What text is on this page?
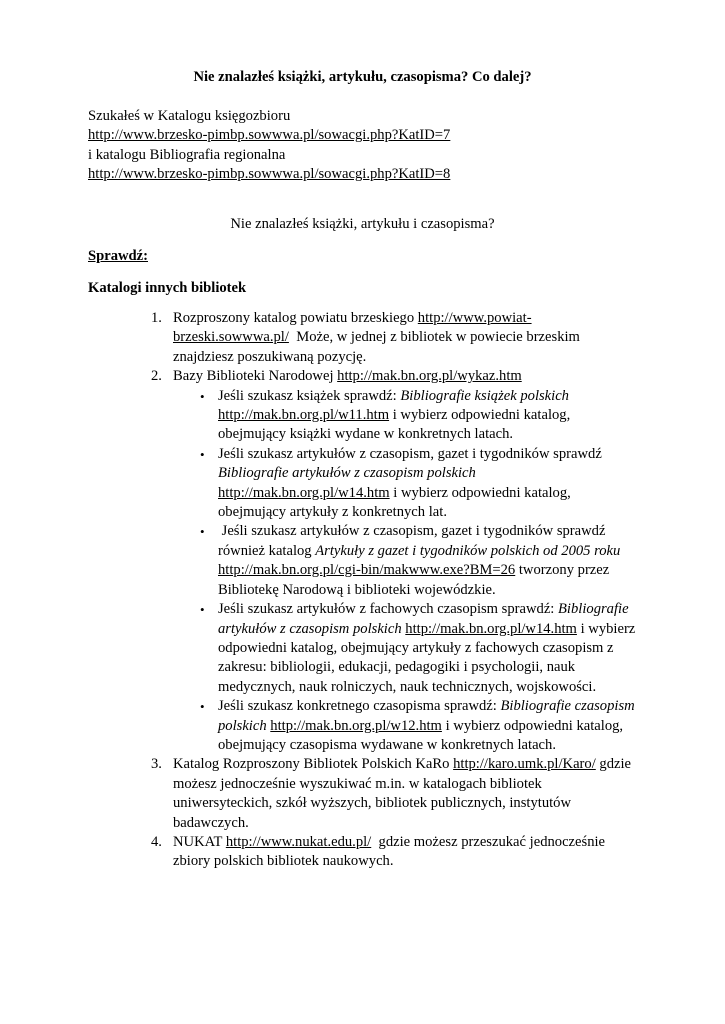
Nie znalazłeś książki, artykułu, czasopisma? Co dalej?
Szukałeś w Katalogu księgozbioru
http://www.brzesko-pimbp.sowwwa.pl/sowacgi.php?KatID=7
i katalogu Bibliografia regionalna
http://www.brzesko-pimbp.sowwwa.pl/sowacgi.php?KatID=8
Nie znalazłeś książki, artykułu i czasopisma?
Sprawdź:
Katalogi innych bibliotek
1. Rozproszony katalog powiatu brzeskiego http://www.powiat-
brzeski.sowwwa.pl/  Może, w jednej z bibliotek w powiecie brzeskim
znajdziesz poszukiwaną pozycję.
2. Bazy Biblioteki Narodowej http://mak.bn.org.pl/wykaz.htm
• Jeśli szukasz książek sprawdź: Bibliografie książek polskich
http://mak.bn.org.pl/w11.htm i wybierz odpowiedni katalog,
obejmujący książki wydane w konkretnych latach.
• Jeśli szukasz artykułów z czasopism, gazet i tygodników sprawdź
Bibliografie artykułów z czasopism polskich
http://mak.bn.org.pl/w14.htm i wybierz odpowiedni katalog,
obejmujący artykuły z konkretnych lat.
• Jeśli szukasz artykułów z czasopism, gazet i tygodników sprawdź
również katalog Artykuły z gazet i tygodników polskich od 2005 roku
http://mak.bn.org.pl/cgi-bin/makwww.exe?BM=26 tworzony przez
Bibliotekę Narodową i biblioteki wojewódzkie.
• Jeśli szukasz artykułów z fachowych czasopism sprawdź: Bibliografie
artykułów z czasopism polskich http://mak.bn.org.pl/w14.htm i wybierz
odpowiedni katalog, obejmujący artykuły z fachowych czasopism z
zakresu: bibliologii, edukacji, pedagogiki i psychologii, nauk
medycznych, nauk rolniczych, nauk technicznych, wojskowości.
• Jeśli szukasz konkretnego czasopisma sprawdź: Bibliografie czasopism
polskich http://mak.bn.org.pl/w12.htm i wybierz odpowiedni katalog,
obejmujący czasopisma wydawane w konkretnych latach.
3. Katalog Rozproszony Bibliotek Polskich KaRo http://karo.umk.pl/Karo/ gdzie
możesz jednocześnie wyszukiwać m.in. w katalogach bibliotek
uniwersyteckich, szkół wyższych, bibliotek publicznych, instytutów
badawczych.
4. NUKAT http://www.nukat.edu.pl/  gdzie możesz przeszukać jednocześnie
zbiory polskich bibliotek naukowych.
